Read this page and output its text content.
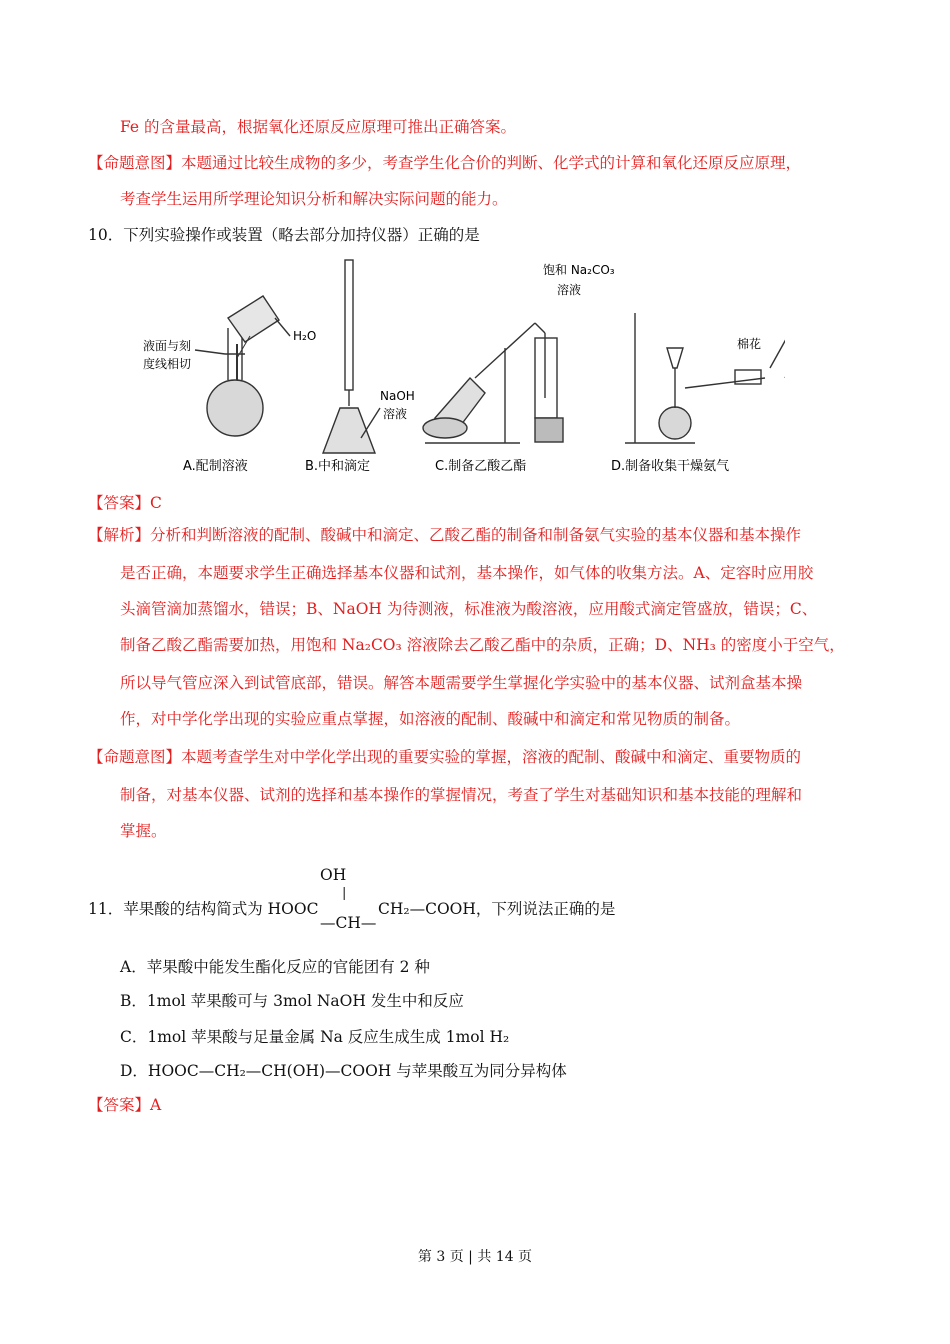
Fe 的含量最高，根据氧化还原反应原理可推出正确答案。
【命题意图】本题通过比较生成物的多少，考查学生化合价的判断、化学式的计算和氧化还原反应原理，
考查学生运用所学理论知识分析和解决实际问题的能力。
10．下列实验操作或装置（略去部分加持仪器）正确的是
液面与刻
度线相切
H₂O
NaOH
溶液
饱和 Na₂CO₃
溶液
棉花
A.配制溶液	B.中和滴定	C.制备乙酸乙酯	D.制备收集干燥氨气
【答案】C
【解析】分析和判断溶液的配制、酸碱中和滴定、乙酸乙酯的制备和制备氨气实验的基本仪器和基本操作
是否正确，本题要求学生正确选择基本仪器和试剂，基本操作，如气体的收集方法。A、定容时应用胶
头滴管滴加蒸馏水，错误；B、NaOH 为待测液，标准液为酸溶液，应用酸式滴定管盛放，错误；C、
制备乙酸乙酯需要加热，用饱和 Na₂CO₃ 溶液除去乙酸乙酯中的杂质，正确；D、NH₃ 的密度小于空气，
所以导气管应深入到试管底部，错误。解答本题需要学生掌握化学实验中的基本仪器、试剂盒基本操
作，对中学化学出现的实验应重点掌握，如溶液的配制、酸碱中和滴定和常见物质的制备。
【命题意图】本题考查学生对中学化学出现的重要实验的掌握，溶液的配制、酸碱中和滴定、重要物质的
制备，对基本仪器、试剂的选择和基本操作的掌握情况，考查了学生对基础知识和基本技能的理解和
掌握。
OH
|
11．苹果酸的结构简式为 HOOC
—CH—
CH₂—COOH，下列说法正确的是
A．苹果酸中能发生酯化反应的官能团有 2 种
B．1mol 苹果酸可与 3mol NaOH 发生中和反应
C．1mol 苹果酸与足量金属 Na 反应生成生成 1mol H₂
D．HOOC—CH₂—CH(OH)—COOH 与苹果酸互为同分异构体
【答案】A
第 3 页 | 共 14 页
